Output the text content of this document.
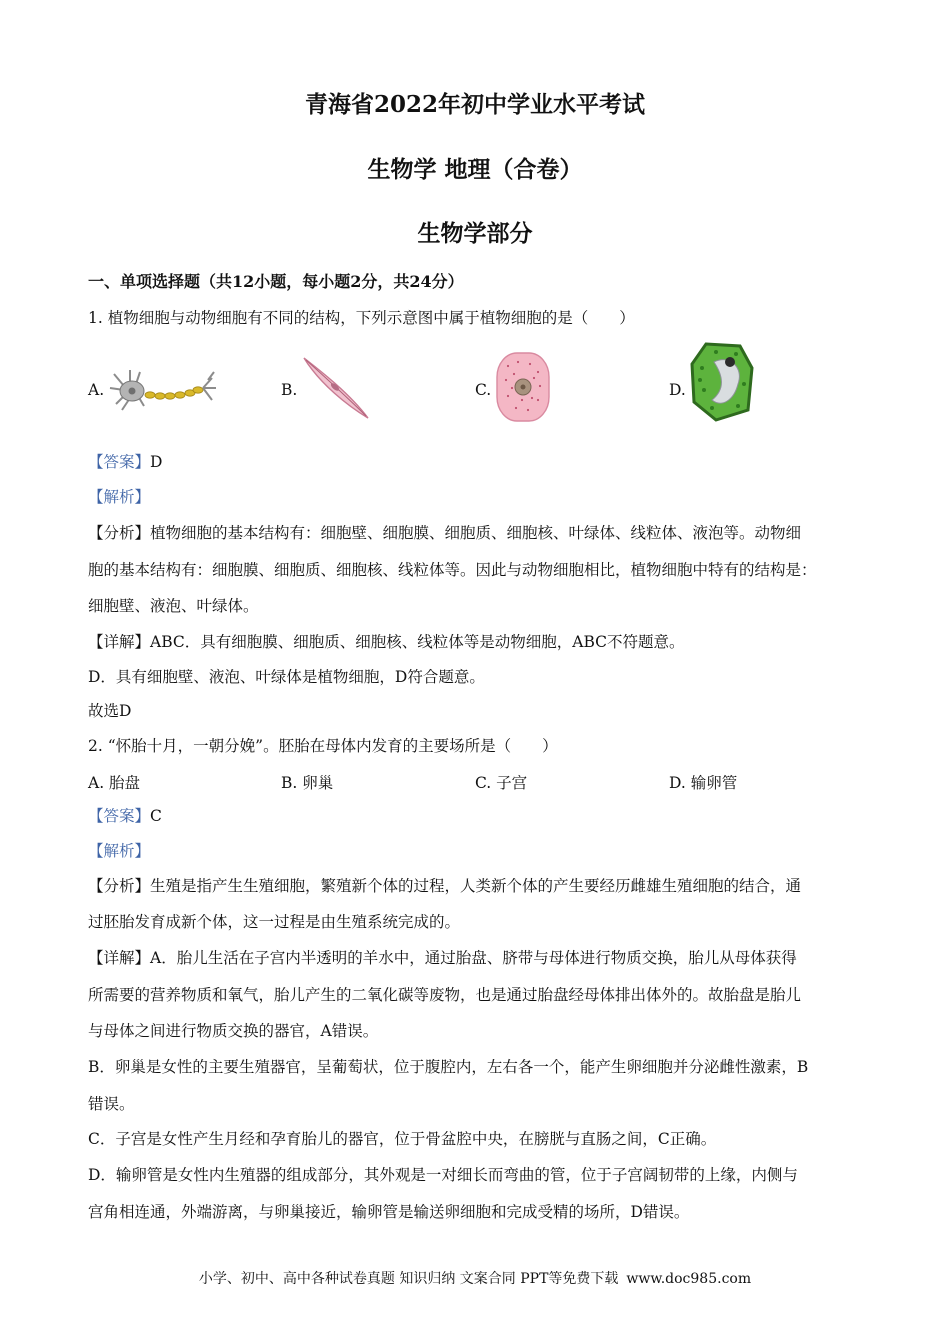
青海省2022年初中学业水平考试
生物学 地理（合卷）
生物学部分
一、单项选择题（共12小题，每小题2分，共24分）
1. 植物细胞与动物细胞有不同的结构，下列示意图中属于植物细胞的是（　　）
A.	B.	C.	D.
【答案】D
【解析】
【分析】植物细胞的基本结构有：细胞壁、细胞膜、细胞质、细胞核、叶绿体、线粒体、液泡等。动物细
胞的基本结构有：细胞膜、细胞质、细胞核、线粒体等。因此与动物细胞相比，植物细胞中特有的结构是：
细胞壁、液泡、叶绿体。
【详解】ABC．具有细胞膜、细胞质、细胞核、线粒体等是动物细胞，ABC不符题意。
D．具有细胞壁、液泡、叶绿体是植物细胞，D符合题意。
故选D
2. “怀胎十月，一朝分娩”。胚胎在母体内发育的主要场所是（　　）
A. 胎盘	B. 卵巢	C. 子宫	D. 输卵管
【答案】C
【解析】
【分析】生殖是指产生生殖细胞，繁殖新个体的过程，人类新个体的产生要经历雌雄生殖细胞的结合，通
过胚胎发育成新个体，这一过程是由生殖系统完成的。
【详解】A．胎儿生活在子宫内半透明的羊水中，通过胎盘、脐带与母体进行物质交换，胎儿从母体获得
所需要的营养物质和氧气，胎儿产生的二氧化碳等废物，也是通过胎盘经母体排出体外的。故胎盘是胎儿
与母体之间进行物质交换的器官，A错误。
B．卵巢是女性的主要生殖器官，呈葡萄状，位于腹腔内，左右各一个，能产生卵细胞并分泌雌性激素，B
错误。
C．子宫是女性产生月经和孕育胎儿的器官，位于骨盆腔中央，在膀胱与直肠之间，C正确。
D．输卵管是女性内生殖器的组成部分，其外观是一对细长而弯曲的管，位于子宫阔韧带的上缘，内侧与
宫角相连通，外端游离，与卵巢接近，输卵管是输送卵细胞和完成受精的场所，D错误。
小学、初中、高中各种试卷真题 知识归纳 文案合同 PPT等免费下载 www.doc985.com
